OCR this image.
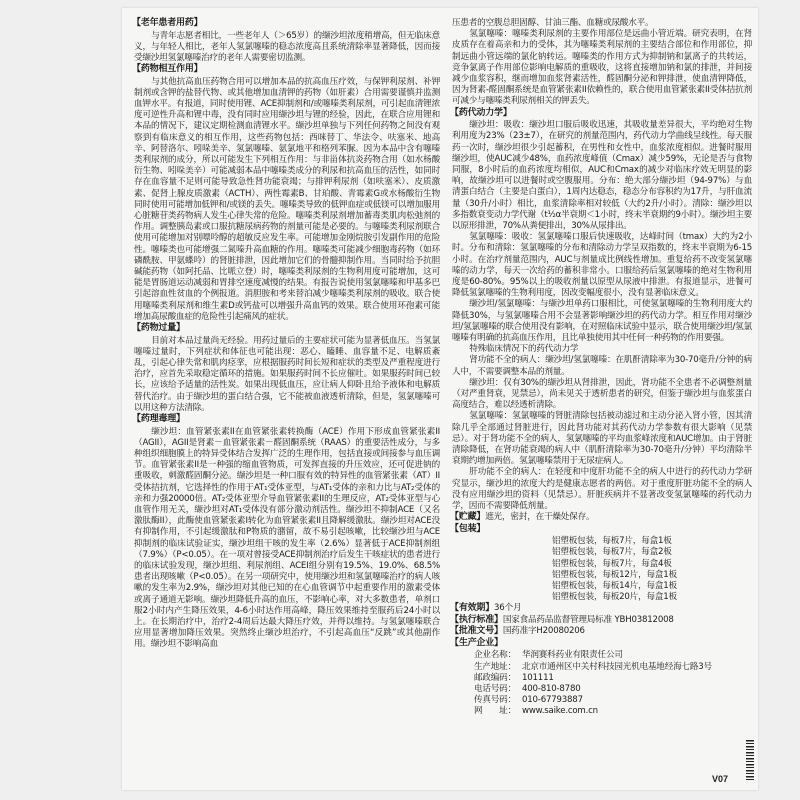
【 老年患者用药 】

与青年志愿者相比，一些老年人（＞65岁）的缬沙坦浓度稍增高，但无临床意义，与年轻人相比，老年人氢氯噻嗪的稳态浓度高且系统清除率显著降低，因而接受缬沙坦氢氯噻嗪治疗的老年人需要密切监测。

【 药物相互作用 】

与其他抗高血压药物合用可以增加本品的抗高血压疗效，与保钾利尿剂、补钾制剂或含钾的盐替代物、或其他增加血清钾的药物（如肝素）合用需要谨慎并监测血钾水平。有报道，同时使用锂、ACE抑制剂和/或噻嗪类利尿剂，可引起血清锂浓度可逆性升高和锂中毒，没有同时应用缬沙坦与锂的经验，因此，在联合应用锂和本品的情况下，建议定期检测血清锂水平。缬沙坦单独与下列任何药物之间没有观察到有临床意义的相互作用，这些药物包括：西咪替丁、华法令、呋塞米、地高辛、阿替洛尔、吲哚美辛、氢氯噻嗪、氨氯地平和格列苯脲。因为本品中含有噻嗪类利尿剂的成分，所以可能发生下列相互作用：与非甾体抗炎药物合用（如水杨酸衍生物、吲哚美辛）可能减弱本品中噻嗪类成分的利尿和抗高血压的活性，如同时存在血容量不足则可能导致急性肾功能衰竭；与排钾利尿剂（如呋塞米）、皮质激素、促肾上腺皮质激素（ACTH）、两性霉素B、甘珀酸、青霉素G或水杨酸衍生物同时使用可能增加低钾和/或镁的丢失。噻嗪类导致的低钾血症或低镁可以增加服用心脏糖苷类药物病人发生心律失常的危险。噻嗪类利尿剂增加蓄毒类肌肉松弛剂的作用。调整胰岛素或口服抗糖尿病药物的剂量可能是必要的。与噻嗪类利尿剂联合使用可能增加对别嘌呤醇的超敏反应发生率。可能增加金刚烷胺引发副作用的危险性。噻嗪类也可能增强二氮嗪升高血糖的作用。噻嗪类可能减少细胞毒药物（如环磷酰胺、甲氨蝶呤）的肾脏排泄，因此增加它们的骨髓抑制作用。当同时给予抗胆碱能药物（如阿托品、比哌立登）时，噻嗪类利尿剂的生物利用度可能增加，这可能是胃肠道运动减弱和胃排空速度减慢的结果。有报告说使用氢氯噻嗪和甲基多巴引起溶血性贫血的个例报道。消胆胺和考来替泊减少噻嗪类利尿剂的吸收。联合使用噻嗪类利尿剂和维生素D或钙盐可以增强升高血钙的效果。联合使用环孢素可能增加高尿酸血症的危险性引起痛风的症状。

【 药物过量 】

目前对本品过量尚无经验。用药过量后的主要症状可能为显著低血压。当氢氯噻嗪过量时，下列症状和体征也可能出现：恶心、瞌睡、血容量不足、电解质紊乱，引起心律失常和肌肉痉挛，应根据服药时间长短和症状的类型及严重程度进行治疗，应首先采取稳定循环的措施。如果服药时间不长应催吐。如果服药时间已较长，应该给予适量的活性炭。如果出现低血压，应让病人仰卧且给予液体和电解质替代治疗。由于缬沙坦的蛋白结合强，它不能被血液透析清除，但是，氢氯噻嗪可以用这种方法清除。

【 药理毒理 】

缬沙坦：血管紧张素II在血管紧张素转换酶（ACE）作用下形成血管紧张素II（AGII），AGII是肾素－血管紧张素－醛固酮系统（RAAS）的重要活性成分，与多种组织细胞膜上的特异受体结合发挥广泛的生理作用，包括直接或间接参与血压调节。血管紧张素II是一种强的缩血管物质，可发挥直接的升压效应，还可促进钠的重吸收，刺激醛固酮分泌。缬沙坦是一种口服有效的特异性的血管紧张素（AT）II受体拮抗剂，它选择性的作用于AT₁受体亚型，与AT₁受体的亲和力比与AT₂受体的亲和力强20000倍。AT₂受体亚型介导血管紧张素II的生理反应，AT₂受体亚型与心血管作用无关，缬沙坦对AT₁受体没有部分激动剂活性。缬沙坦不抑制ACE（又名激肽酶II），此酶使血管紧张素I转化为血管紧张素II且降解缓激肽。缬沙坦对ACE没有抑制作用，不引起缓激肽和P物质的潴留，故不易引起咳嗽，比较缬沙坦与ACE抑制剂的临床试验证实，缬沙坦组干咳的发生率（2.6%）显著低于ACE抑制剂组（7.9%）（P<0.05）。在一项对曾接受ACE抑制剂治疗后发生干咳症状的患者进行的临床试验发现，缬沙坦组、利尿剂组、ACEI组分别有19.5%、19.0%、68.5%患者出现咳嗽（P<0.05）。在另一项研究中，使用缬沙坦和氢氯噻嗪治疗的病人咳嗽的发生率为2.9%，缬沙坦对其他已知的在心血管调节中起重要作用的激素受体或离子通道无影响。缬沙坦降低升高的血压，不影响心率，对大多数患者，单剂口服2小时内产生降压效果，4-6小时达作用高峰，降压效果维持至服药后24小时以上。在长期治疗中，治疗2-4周后达最大降压疗效，并得以维持。与氢氯噻嗪联合应用显著增加降压效果。突然终止缬沙坦治疗，不引起高血压“反跳”或其他副作用。缬沙坦不影响高血

压患者的空腹总胆固醇、甘油三酯、血糖或尿酸水平。

氢氯噻嗪：噻嗪类利尿剂的主要作用部位是远曲小管近端。研究表明，在肾皮质存在着高亲和力的受体，其为噻嗪类利尿剂的主要结合部位和作用部位，抑制远曲小管远端的氯化钠转运。噻嗪类的作用方式为抑制钠和氯离子的共转运，竞争氯离子作用部位影响电解质的重吸收，这将直接增加钠和氯的排泄，并间接减少血浆容积，继而增加血浆肾素活性，醛固酮分泌和钾排泄，使血清钾降低，因为肾素-醛固酮系统是血管紧张素II依赖性的，联合使用血管紧张素II受体拮抗剂可减少与噻嗪类利尿剂相关的钾丢失。

【 药代动力学 】

缬沙坦：吸收：缬沙坦口服后吸收迅速，其吸收量差异很大，平均绝对生物利用度为23%（23±7），在研究的剂量范围内，药代动力学曲线呈线性。每天服药一次时，缬沙坦很少引起蓄积，在男性和女性中，血浆浓度相似。进餐时服用缬沙坦，使AUC减少48%，血药浓度峰值（Cmax）减少59%，无论是否与食物同服，8小时后的血药浓度均相似，AUC和Cmax的减少对临床疗效无明显的影响，故缬沙坦可以进餐时或空腹服用。分布：绝大部分缬沙坦（94-97%）与血清蛋白结合（主要是白蛋白），1周内达稳态，稳态分布容积约为17升，与肝血流量（30升/小时）相比，血浆清除率相对较低（大约2升/小时）。清除：缬沙坦以多指数衰变动力学代谢（t½α半衰期＜1小时，终末半衰期约9小时）。缬沙坦主要以原形排泄，70%从粪便排出，30%从尿排出。

氢氯噻嗪：吸收：氢氯噻嗪口服后快速吸收，达峰时间（tmax）大约为2小时。分布和清除：氢氯噻嗪的分布和清除动力学呈双指数的，终末半衰期为6-15小时。在治疗剂量范围内，AUC与剂量成比例线性增加。重复给药不改变氢氯噻嗪的动力学，每天一次给药的蓄积非常小。口服给药后氢氯噻嗪的绝对生物利用度是60-80%。95%以上的吸收剂量以原型从尿液中排泄。有报道显示，进餐可降低氢氯噻嗪的生物利用度，因改变幅度很小，没有显著临床意义。

缬沙坦/氢氯噻嗪：与缬沙坦单药口服相比，可使氢氯噻嗪的生物利用度大约降低30%，与氢氯噻嗪合用不会显著影响缬沙坦的药代动力学。相互作用对缬沙坦/氢氯噻嗪的联合使用没有影响，在对照临床试验中显示，联合使用缬沙坦/氢氯噻嗪有明确的抗高血压作用，且比单独使用其中任何一种药物的作用要强。

特殊临床情况下的药代动力学

肾功能不全的病人：缬沙坦/氢氯噻嗪：在肌酐清除率为30-70毫升/分钟的病人中，不需要调整本品的剂量。

缬沙坦：仅有30%的缬沙坦从肾排泄，因此，肾功能不全患者不必调整剂量（对严重肾衰，见禁忌），尚未见关于透析患者的研究，但鉴于缬沙坦与血浆蛋白高度结合，难以经透析清除。

氢氯噻嗪：氢氯噻嗪的肾脏清除包括被动滤过和主动分泌入肾小管，因其清除几乎全部通过肾脏进行，因此肾功能对其药代动力学参数有很大影响（见禁忌）。对于肾功能不全的病人，氢氯噻嗪的平均血浆峰浓度和AUC增加。由于肾脏清除降低，在肾功能衰竭的病人中（肌酐清除率为30-70毫升/分钟）平均清除半衰期约增加两倍。氢氯噻嗪禁用于无尿症病人。

肝功能不全的病人：在轻度和中度肝功能不全的病人中进行的药代动力学研究显示，缬沙坦的浓度大约是健康志愿者的两倍。对于重度肝脏功能不全的病人没有应用缬沙坦的资料（见禁忌）。肝脏疾病并不显著改变氢氯噻嗪的药代动力学，因而不需要降低剂量。

【 贮藏 】 遮光，密封，在干燥处保存。
【 包装 】
铝塑板包装，每板7片，每盒1板
铝塑板包装，每板7片，每盒2板
铝塑板包装，每板7片，每盒4板
铝塑板包装，每板12片，每盒1板
铝塑板包装，每板14片，每盒1板
铝塑板包装，每板20片，每盒1板
【 有效期 】 36个月
【 执行标准 】 国家食品药品监督管理局标准 YBH03812008
【 批准文号 】 国药准字H20080206
【 生产企业 】
企业名称： 华润赛科药业有限责任公司
生产地址： 北京市通州区中关村科技园光机电基地经海七路3号
邮政编码： 101111
电话号码： 400-810-8780
传真号码： 010-67793887
网　　址： www.saike.com.cn
V07
